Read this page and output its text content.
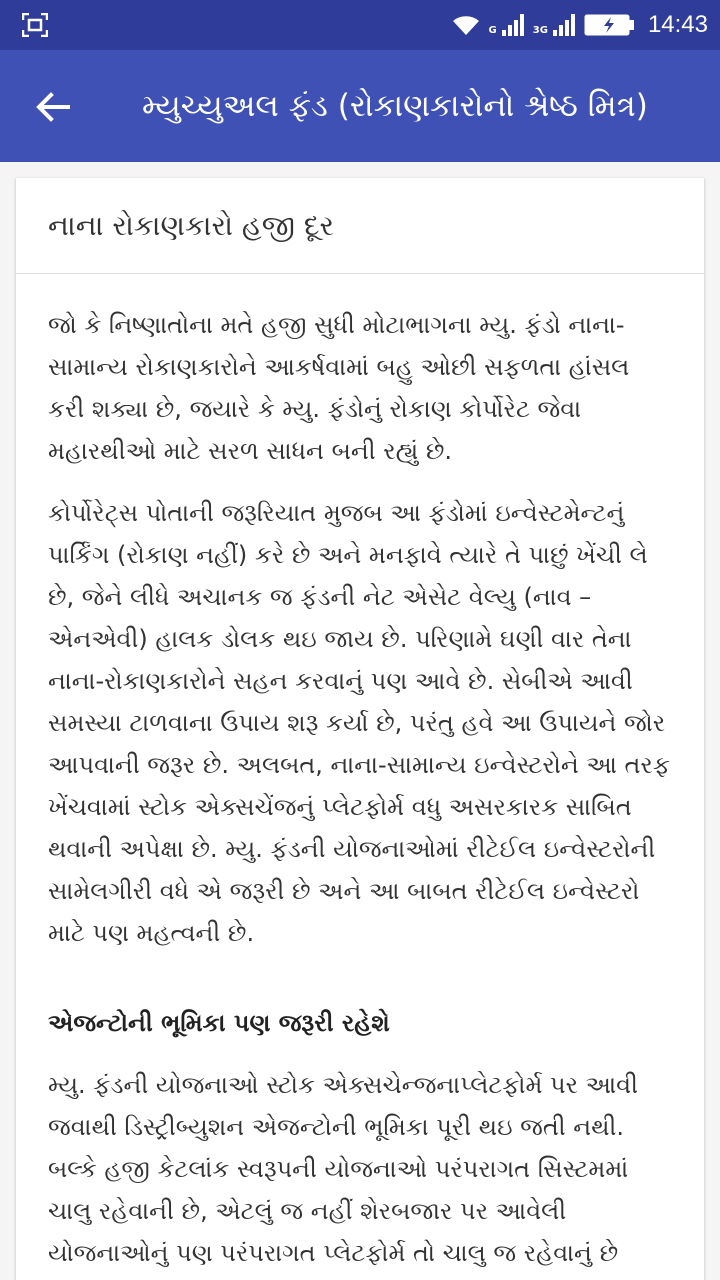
G	3G	14:43
મ્યુચ્યુઅલ ફંડ (રોકાણકારોનો શ્રેષ્ઠ મિત્ર)
નાના રોકાણકારો હજી દૂર

જો કે નિષ્ણાતોના મતે હજી સુધી મોટાભાગના મ્યુ. ફંડો નાના-સામાન્ય રોકાણકારોને આકર્ષવામાં બહુ ઓછી સફળતા હાંસલ કરી શક્યા છે, જયારે કે મ્યુ. ફંડોનું રોકાણ કોર્પોરેટ જેવા મહારથીઓ માટે સરળ સાધન બની રહ્યું છે.

કોર્પોરેટ્સ પોતાની જરૂરિયાત મુજબ આ ફંડોમાં ઇન્વેસ્ટમેન્ટનું પાર્કિંગ (રોકાણ નહીં) કરે છે અને મનફાવે ત્યારે તે પાછું ખેંચી લે છે, જેને લીધે અચાનક જ ફંડની નેટ એસેટ વેલ્યુ (નાવ – એનએવી) હાલક ડોલક થઇ જાય છે. પરિણામે ઘણી વાર તેના નાના-રોકાણકારોને સહન કરવાનું પણ આવે છે. સેબીએ આવી સમસ્યા ટાળવાના ઉપાય શરૂ કર્યા છે, પરંતુ હવે આ ઉપાયને જોર આપવાની જરૂર છે. અલબત, નાના-સામાન્ય ઇન્વેસ્ટરોને આ તરફ ખેંચવામાં સ્ટોક એક્સચેંજનું પ્લેટફોર્મ વધુ અસરકારક સાબિત થવાની અપેક્ષા છે. મ્યુ. ફંડની યોજનાઓમાં રીટેઈલ ઇન્વેસ્ટરોની સામેલગીરી વધે એ જરૂરી છે અને આ બાબત રીટેઈલ ઇન્વેસ્ટરો માટે પણ મહત્વની છે.

એજન્ટોની ભૂમિકા પણ જરૂરી રહેશે

મ્યુ. ફંડની યોજનાઓ સ્ટોક એક્સચેન્જનાપ્લેટફોર્મ પર આવી જવાથી ડિસ્ટ્રીબ્યુશન એજન્ટોની ભૂમિકા પૂરી થઇ જતી નથી. બલ્કે હજી કેટલાંક સ્વરૂપની યોજનાઓ પરંપરાગત સિસ્ટમમાં ચાલુ રહેવાની છે, એટલું જ નહીં શેરબજાર પર આવેલી યોજનાઓનું પણ પરંપરાગત પ્લેટફોર્મ તો ચાલુ જ રહેવાનું છે
